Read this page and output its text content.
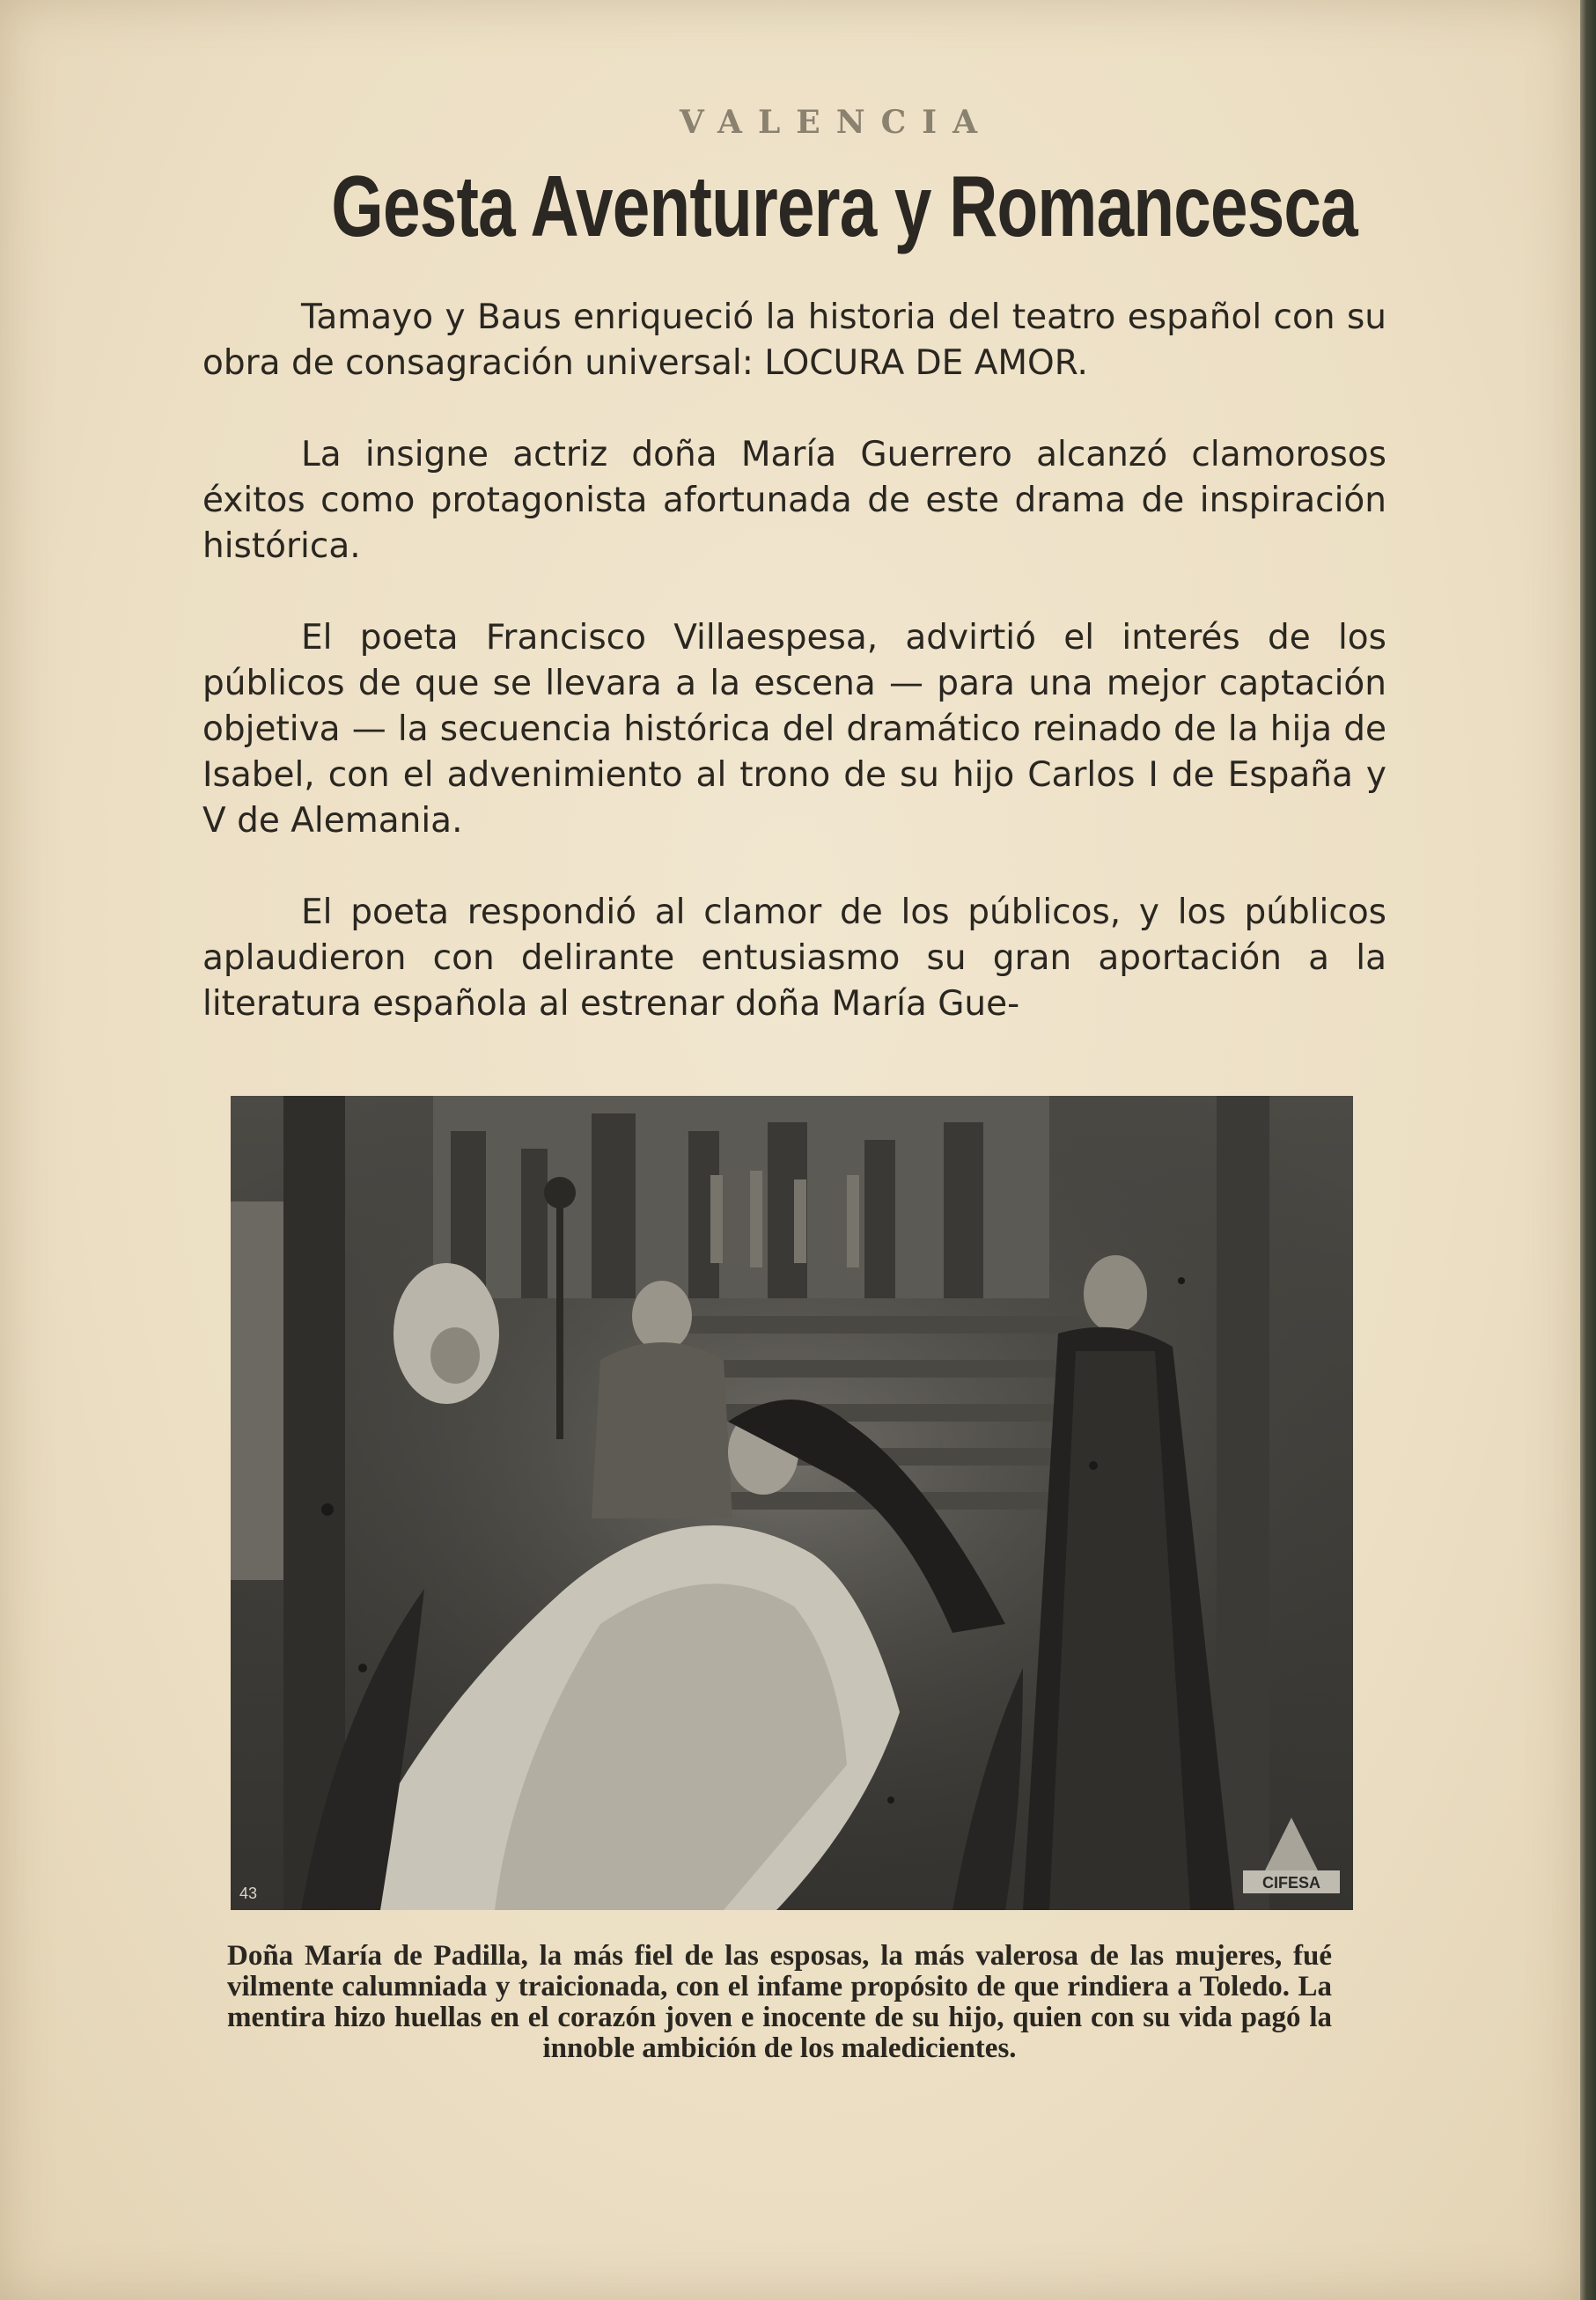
VALENCIA
Gesta Aventurera y Romancesca

Tamayo y Baus enriqueció la historia del teatro español con su obra de consagración universal: LOCURA DE AMOR.

La insigne actriz doña María Guerrero alcanzó clamorosos éxitos como protagonista afortunada de este drama de inspiración histórica.

El poeta Francisco Villaespesa, advirtió el interés de los públicos de que se llevara a la escena — para una mejor captación objetiva — la secuencia histórica del dramático reinado de la hija de Isabel, con el advenimiento al trono de su hijo Carlos I de España y V de Alemania.

El poeta respondió al clamor de los públicos, y los públicos aplaudieron con delirante entusiasmo su gran aportación a la literatura española al estrenar doña María Gue-

43
CIFESA
Doña María de Padilla, la más fiel de las esposas, la más valerosa de las mujeres, fué vilmente calumniada y traicionada, con el infame propósito de que rindiera a Toledo. La mentira hizo huellas en el corazón joven e inocente de su hijo, quien con su vida pagó la innoble ambición de los maledicientes.
